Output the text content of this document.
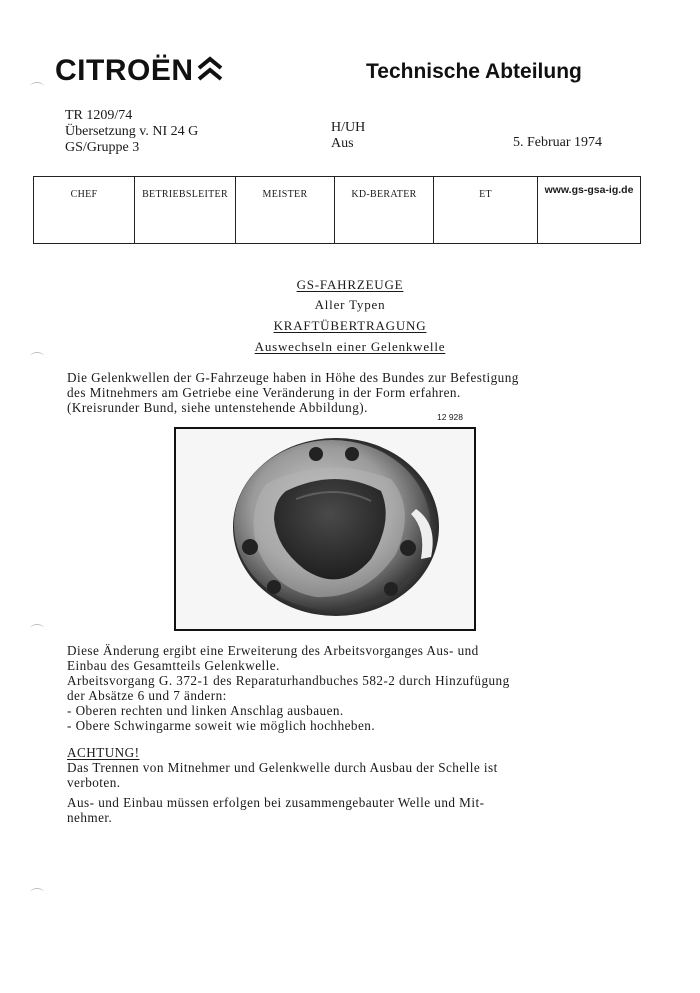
CITROËN	Technische Abteilung
TR 1209/74
Übersetzung v. NI 24 G
GS/Gruppe 3
H/UH
Aus	5. Februar 1974
CHEF	BETRIEBSLEITER	MEISTER	KD-BERATER	ET	www.gs-gsa-ig.de
GS-FAHRZEUGE
Aller Typen
KRAFTÜBERTRAGUNG
Auswechseln einer Gelenkwelle
Die Gelenkwellen der G-Fahrzeuge haben in Höhe des Bundes zur Befestigung
des Mitnehmers am Getriebe eine Veränderung in der Form erfahren.
(Kreisrunder Bund, siehe untenstehende Abbildung).
12 928
Diese Änderung ergibt eine Erweiterung des Arbeitsvorganges Aus- und
Einbau des Gesamtteils Gelenkwelle.
Arbeitsvorgang G. 372-1 des Reparaturhandbuches 582-2 durch Hinzufügung
der Absätze 6 und 7 ändern:
- Oberen rechten und linken Anschlag ausbauen.
- Obere Schwingarme soweit wie möglich hochheben.
ACHTUNG!
Das Trennen von Mitnehmer und Gelenkwelle durch Ausbau der Schelle ist
verboten.
Aus- und Einbau müssen erfolgen bei zusammengebauter Welle und Mit-
nehmer.
